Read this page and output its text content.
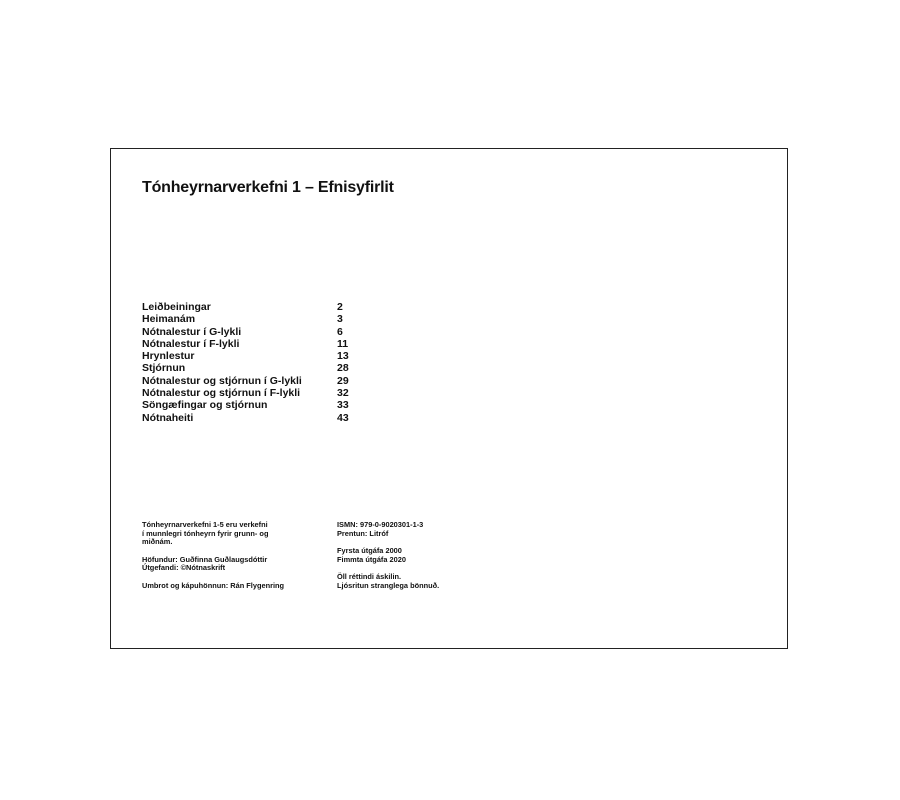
Tónheyrnarverkefni 1 – Efnisyfirlit
Leiðbeiningar	2
Heimanám	3
Nótnalestur í G-lykli	6
Nótnalestur í F-lykli	11
Hrynlestur	13
Stjórnun	28
Nótnalestur og stjórnun í G-lykli	29
Nótnalestur og stjórnun í F-lykli	32
Söngæfingar og stjórnun	33
Nótnaheiti	43

Tónheyrnarverkefni 1-5 eru verkefni
í munnlegri tónheyrn fyrir grunn- og
miðnám.

Höfundur: Guðfinna Guðlaugsdóttir
Útgefandi: ©Nótnaskrift

Umbrot og kápuhönnun: Rán Flygenring

ISMN: 979-0-9020301-1-3
Prentun: Litróf

Fyrsta útgáfa 2000
Fimmta útgáfa 2020

Öll réttindi áskilin.
Ljósritun stranglega bönnuð.
